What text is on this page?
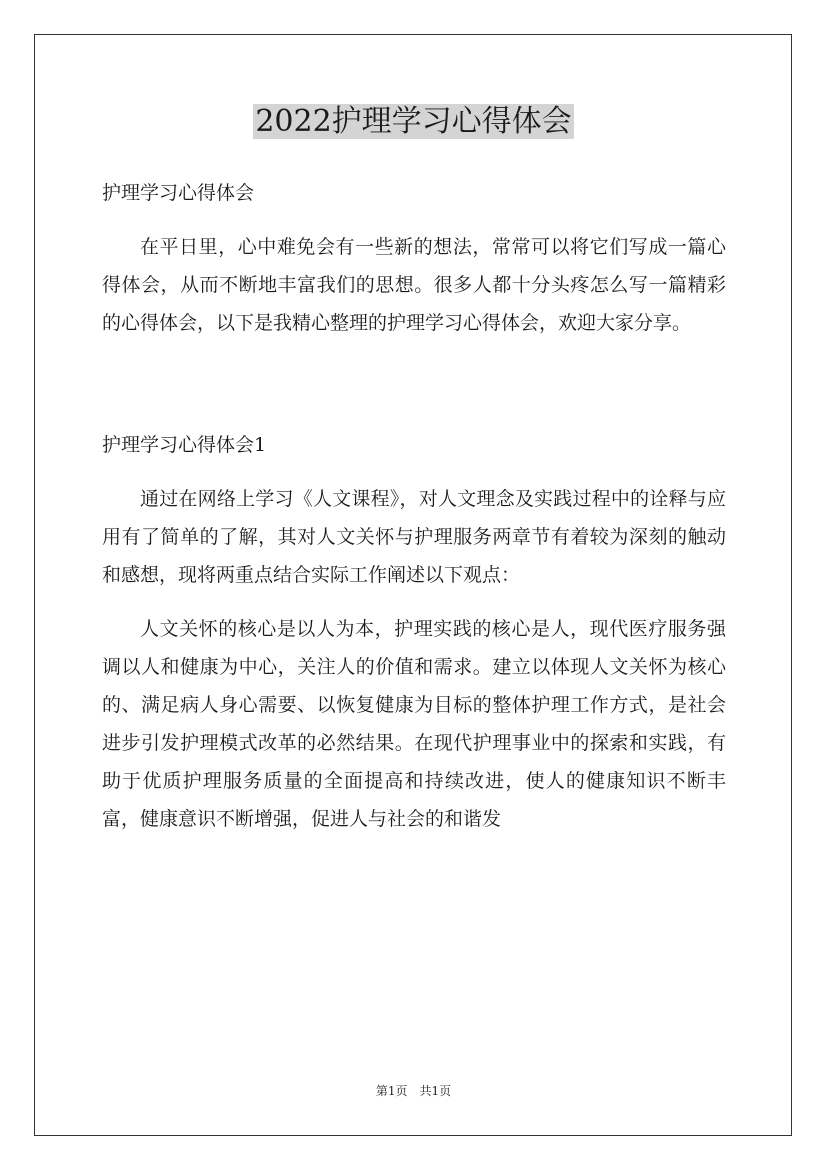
2022护理学习心得体会

护理学习心得体会

在平日里，心中难免会有一些新的想法，常常可以将它们写成一篇心得体会，从而不断地丰富我们的思想。很多人都十分头疼怎么写一篇精彩的心得体会，以下是我精心整理的护理学习心得体会，欢迎大家分享。

护理学习心得体会1

通过在网络上学习《人文课程》，对人文理念及实践过程中的诠释与应用有了简单的了解，其对人文关怀与护理服务两章节有着较为深刻的触动和感想，现将两重点结合实际工作阐述以下观点：

人文关怀的核心是以人为本，护理实践的核心是人，现代医疗服务强调以人和健康为中心，关注人的价值和需求。建立以体现人文关怀为核心的、满足病人身心需要、以恢复健康为目标的整体护理工作方式，是社会进步引发护理模式改革的必然结果。在现代护理事业中的探索和实践，有助于优质护理服务质量的全面提高和持续改进，使人的健康知识不断丰富，健康意识不断增强，促进人与社会的和谐发

第1页　共1页
